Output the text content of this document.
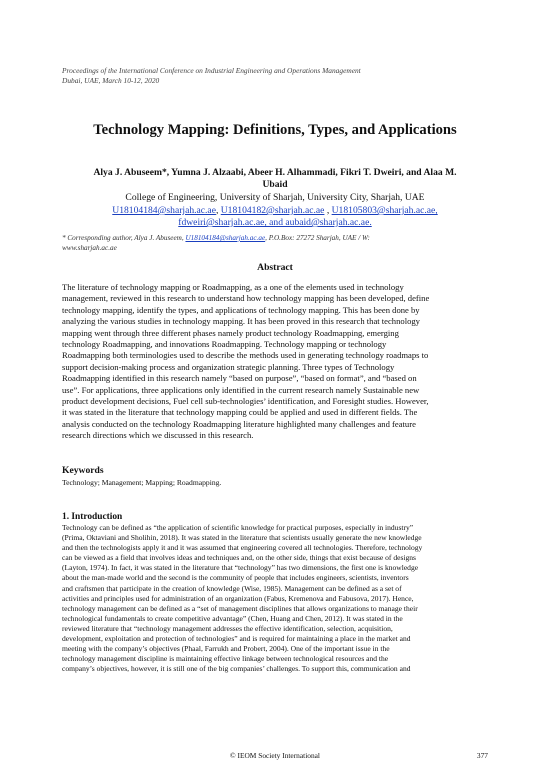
Proceedings of the International Conference on Industrial Engineering and Operations Management
Dubai, UAE, March 10-12, 2020
Technology Mapping: Definitions, Types, and Applications
Alya J. Abuseem*, Yumna J. Alzaabi, Abeer H. Alhammadi, Fikri T. Dweiri, and Alaa M.
Ubaid
College of Engineering, University of Sharjah, University City, Sharjah, UAE
U18104184@sharjah.ac.ae, U18104182@sharjah.ac.ae , U18105803@sharjah.ac.ae,
fdweiri@sharjah.ac.ae, and aubaid@sharjah.ac.ae.
* Corresponding author, Alya J. Abuseem, U18104184@sharjah.ac.ae, P.O.Box: 27272 Sharjah, UAE / W:
www.sharjah.ac.ae
Abstract
The literature of technology mapping or Roadmapping, as a one of the elements used in technology
management, reviewed in this research to understand how technology mapping has been developed, define
technology mapping, identify the types, and applications of technology mapping. This has been done by
analyzing the various studies in technology mapping. It has been proved in this research that technology
mapping went through three different phases namely product technology Roadmapping, emerging
technology Roadmapping, and innovations Roadmapping. Technology mapping or technology
Roadmapping both terminologies used to describe the methods used in generating technology roadmaps to
support decision-making process and organization strategic planning. Three types of Technology
Roadmapping identified in this research namely “based on purpose”, “based on format”, and “based on
use”. For applications, three applications only identified in the current research namely Sustainable new
product development decisions, Fuel cell sub-technologies’ identification, and Foresight studies. However,
it was stated in the literature that technology mapping could be applied and used in different fields. The
analysis conducted on the technology Roadmapping literature highlighted many challenges and feature
research directions which we discussed in this research.
Keywords
Technology; Management; Mapping; Roadmapping.
1. Introduction
Technology can be defined as “the application of scientific knowledge for practical purposes, especially in industry”
(Prima, Oktaviani and Sholihin, 2018). It was stated in the literature that scientists usually generate the new knowledge
and then the technologists apply it and it was assumed that engineering covered all technologies. Therefore, technology
can be viewed as a field that involves ideas and techniques and, on the other side, things that exist because of designs
(Layton, 1974). In fact, it was stated in the literature that “technology” has two dimensions, the first one is knowledge
about the man-made world and the second is the community of people that includes engineers, scientists, inventors
and craftsmen that participate in the creation of knowledge (Wise, 1985). Management can be defined as a set of
activities and principles used for administration of an organization (Fabus, Kremenova and Fabusova, 2017). Hence,
technology management can be defined as a “set of management disciplines that allows organizations to manage their
technological fundamentals to create competitive advantage” (Chen, Huang and Chen, 2012). It was stated in the
reviewed literature that “technology management addresses the effective identification, selection, acquisition,
development, exploitation and protection of technologies” and is required for maintaining a place in the market and
meeting with the company’s objectives (Phaal, Farrukh and Probert, 2004). One of the important issue in the
technology management discipline is maintaining effective linkage between technological resources and the
company’s objectives, however, it is still one of the big companies’ challenges. To support this, communication and
© IEOM Society International	377
